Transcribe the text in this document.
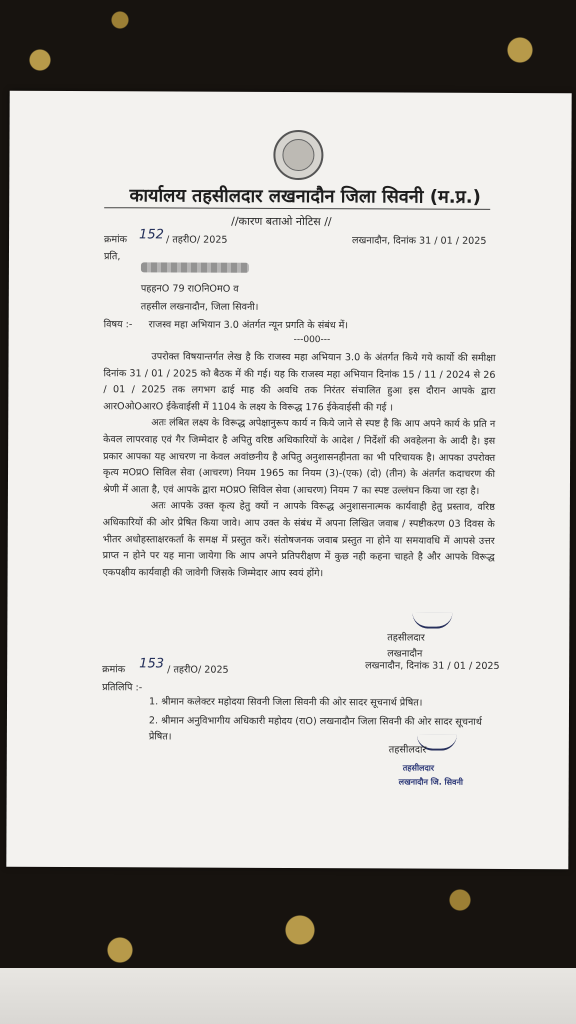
कार्यालय तहसीलदार लखनादौन जिला सिवनी (म.प्र.)
//कारण बताओ नोटिस //
क्रमांक 152 / तहरीO/ 2025	लखनादौन, दिनांक 31 / 01 / 2025
प्रति,
पहहनO 79 राOनिOमO व
तहसील लखनादौन, जिला सिवनी।
विषय :- राजस्व महा अभियान 3.0 अंतर्गत न्यून प्रगति के संबंध में।
---000---

उपरोक्त विषयान्तर्गत लेख है कि राजस्व महा अभियान 3.0 के अंतर्गत किये गये कार्यो की समीक्षा दिनांक 31 / 01 / 2025 को बैठक में की गई। यह कि राजस्व महा अभियान दिनांक 15 / 11 / 2024 से 26 / 01 / 2025 तक लगभग ढाई माह की अवधि तक निरंतर संचालित हुआ इस दौरान आपके द्वारा आरOओOआरO ईकेवाईसी में 1104 के लक्ष्य के विरूद्ध 176 ईकेवाईसी की गई ।

अतः लंबित लक्ष्य के विरूद्ध अपेक्षानुरूप कार्य न किये जाने से स्पष्ट है कि आप अपने कार्य के प्रति न केवल लापरवाह एवं गैर जिम्मेदार है अपितु वरिष्ठ अधिकारियों के आदेश / निर्देशों की अवहेलना के आदी है। इस प्रकार आपका यह आचरण ना केवल अवांछनीय है अपितु अनुशासनहीनता का भी परिचायक है। आपका उपरोक्त कृत्य मOप्रO सिविल सेवा (आचरण) नियम 1965 का नियम (3)-(एक) (दो) (तीन) के अंतर्गत कदाचरण की श्रेणी में आता है, एवं आपके द्वारा मOप्रO सिविल सेवा (आचरण) नियम 7 का स्पष्ट उल्लंघन किया जा रहा है।

अतः आपके उक्त कृत्य हेतु क्यों न आपके विरूद्ध अनुशासनात्मक कार्यवाही हेतु प्रस्ताव, वरिष्ठ अधिकारियों की ओर प्रेषित किया जावे। आप उक्त के संबंध में अपना लिखित जवाब / स्पष्टीकरण 03 दिवस के भीतर अधोहस्ताक्षरकर्ता के समक्ष में प्रस्तुत करें। संतोषजनक जवाब प्रस्तुत ना होने या समयावधि में आपसे उत्तर प्राप्त न होने पर यह माना जायेगा कि आप अपने प्रतिपरीक्षण में कुछ नही कहना चाहते है और आपके विरूद्ध एकपक्षीय कार्यवाही की जावेगी जिसके जिम्मेदार आप स्वयं होंगे।

तहसीलदार
लखनादौन
क्रमांक 153 / तहरीO/ 2025	लखनादौन, दिनांक 31 / 01 / 2025
प्रतिलिपि :-
1. श्रीमान कलेक्टर महोदया सिवनी जिला सिवनी की ओर सादर सूचनार्थ प्रेषित।
2. श्रीमान अनुविभागीय अधिकारी महोदय (राO) लखनादौन जिला सिवनी की ओर सादर सूचनार्थ प्रेषित।
तहसीलदार
तहसीलदार
लखनादौन जि. सिवनी
